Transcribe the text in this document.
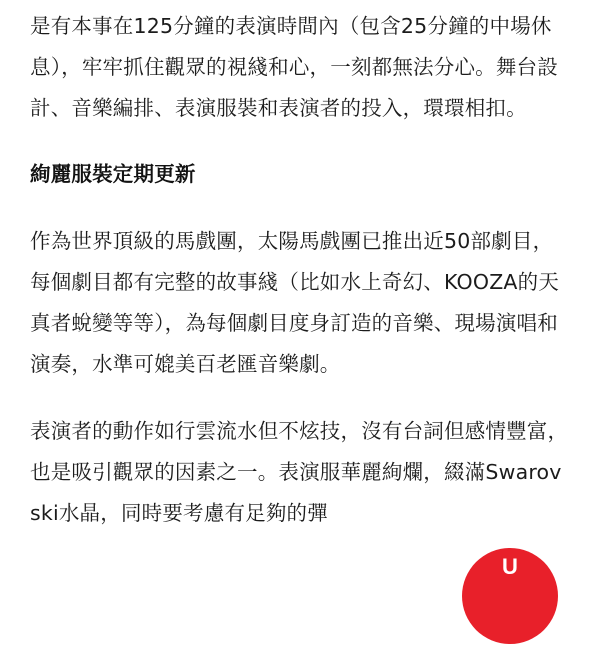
是有本事在125分鐘的表演時間內（包含25分鐘的中場休息），牢牢抓住觀眾的視綫和心，一刻都無法分心。舞台設計、音樂編排、表演服裝和表演者的投入，環環相扣。

絢麗服裝定期更新

作為世界頂級的馬戲團，太陽馬戲團已推出近50部劇目，每個劇目都有完整的故事綫（比如水上奇幻、KOOZA的天真者蛻變等等），為每個劇目度身訂造的音樂、現場演唱和演奏，水準可媲美百老匯音樂劇。

表演者的動作如行雲流水但不炫技，沒有台詞但感情豐富，也是吸引觀眾的因素之一。表演服華麗絢爛，綴滿Swarovski水晶，同時要考慮有足夠的彈

U
